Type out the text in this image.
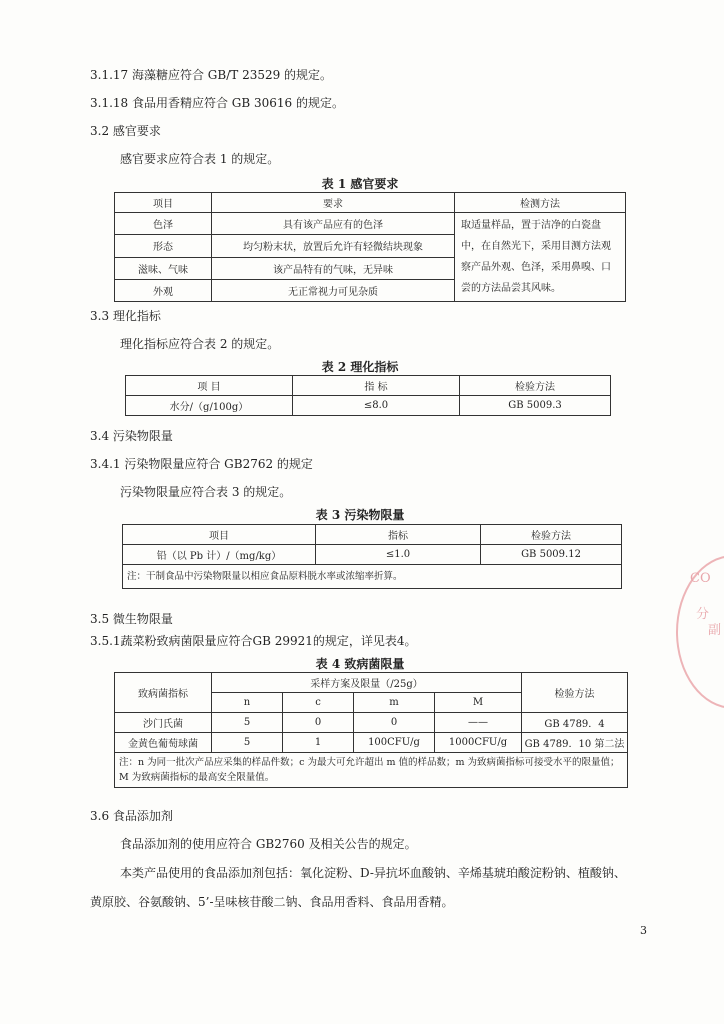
3.1.17 海藻糖应符合 GB/T 23529 的规定。
3.1.18 食品用香精应符合 GB 30616 的规定。
3.2 感官要求
感官要求应符合表 1 的规定。
表 1 感官要求
项目	要求	检测方法
色泽	具有该产品应有的色泽	取适量样品，置于洁净的白瓷盘中，在自然光下，采用目测方法观察产品外观、色泽，采用鼻嗅、口尝的方法品尝其风味。
形态	均匀粉末状，放置后允许有轻微结块现象	
滋味、气味	该产品特有的气味，无异味	
外观	无正常视力可见杂质	
3.3 理化指标
理化指标应符合表 2 的规定。
表 2 理化指标
项 目	指 标	检验方法
水分/（g/100g）	≤8.0	GB 5009.3
3.4 污染物限量
3.4.1 污染物限量应符合 GB2762 的规定
污染物限量应符合表 3 的规定。
表 3 污染物限量
项目	指标	检验方法
铅（以 Pb 计）/（mg/kg）	≤1.0	GB 5009.12
注：干制食品中污染物限量以相应食品原料脱水率或浓缩率折算。		
3.5 微生物限量
3.5.1蔬菜粉致病菌限量应符合GB 29921的规定，详见表4。
表 4 致病菌限量
致病菌指标	采样方案及限量（/25g）				检验方法
	n	c	m	M	
沙门氏菌	5	0	0	——	GB 4789．4
金黄色葡萄球菌	5	1	100CFU/g	1000CFU/g	GB 4789．10 第二法
注：n 为同一批次产品应采集的样品件数；c 为最大可允许超出 m 值的样品数；m 为致病菌指标可接受水平的限量值；M 为致病菌指标的最高安全限量值。					
3.6 食品添加剂
食品添加剂的使用应符合 GB2760 及相关公告的规定。
本类产品使用的食品添加剂包括：氧化淀粉、D-异抗坏血酸钠、辛烯基琥珀酸淀粉钠、植酸钠、
黄原胶、谷氨酸钠、5’-呈味核苷酸二钠、食品用香料、食品用香精。
3
CO
分
副
